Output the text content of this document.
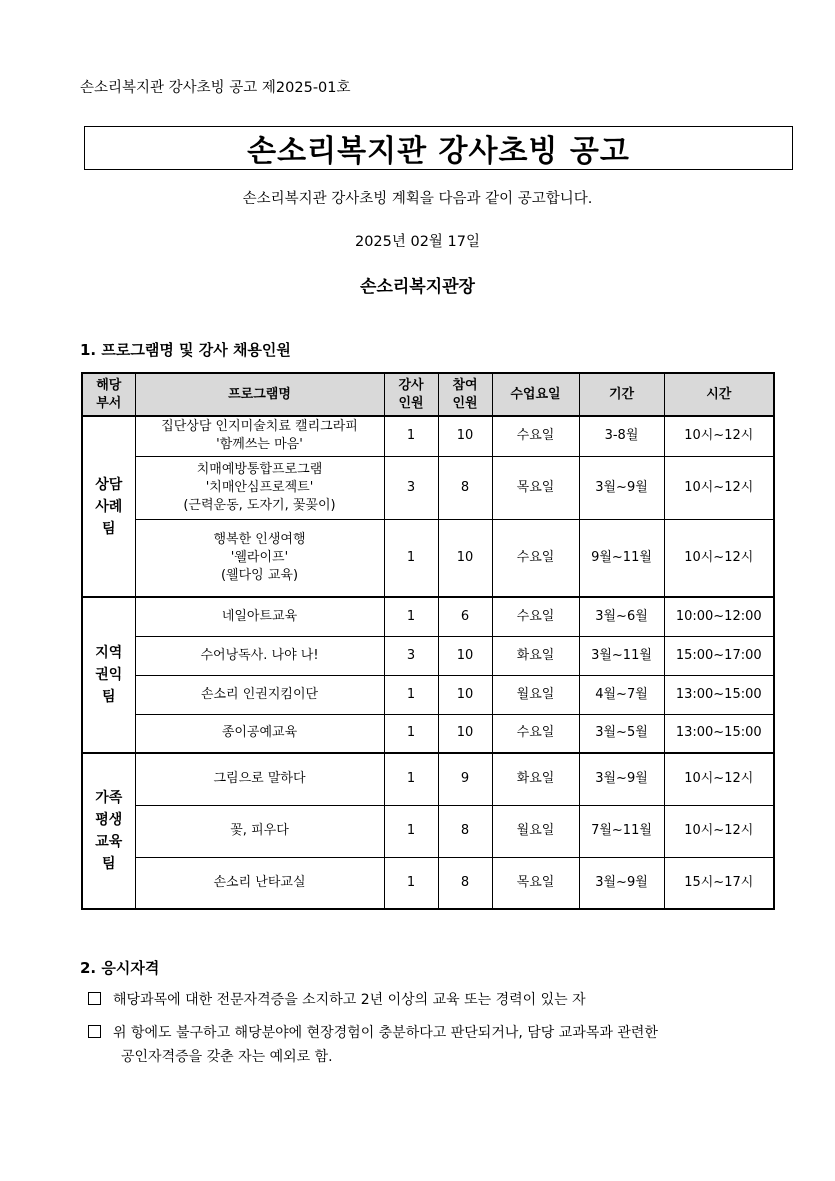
손소리복지관 강사초빙 공고 제2025-01호
손소리복지관 강사초빙 공고
손소리복지관 강사초빙 계획을 다음과 같이 공고합니다.
2025년 02월 17일
손소리복지관장
1. 프로그램명 및 강사 채용인원
해당
부서	프로그램명	강사
인원	참여
인원	수업요일	기간	시간
상담
사례
팀	집단상담 인지미술치료 캘리그라피
'함께쓰는 마음'	1	10	수요일	3-8월	10시~12시
	치매예방통합프로그램
'치매안심프로젝트'
(근력운동, 도자기, 꽃꽂이)	3	8	목요일	3월~9월	10시~12시
	행복한 인생여행
'웰라이프'
(웰다잉 교육)	1	10	수요일	9월~11월	10시~12시
지역
권익
팀	네일아트교육	1	6	수요일	3월~6월	10:00~12:00
	수어낭독사. 나야 나!	3	10	화요일	3월~11월	15:00~17:00
	손소리 인권지킴이단	1	10	월요일	4월~7월	13:00~15:00
	종이공예교육	1	10	수요일	3월~5월	13:00~15:00
가족
평생
교육
팀	그림으로 말하다	1	9	화요일	3월~9월	10시~12시
	꽃, 피우다	1	8	월요일	7월~11월	10시~12시
	손소리 난타교실	1	8	목요일	3월~9월	15시~17시
2. 응시자격
해당과목에 대한 전문자격증을 소지하고 2년 이상의 교육 또는 경력이 있는 자
위 항에도 불구하고 해당분야에 현장경험이 충분하다고 판단되거나, 담당 교과목과 관련한
공인자격증을 갖춘 자는 예외로 함.
